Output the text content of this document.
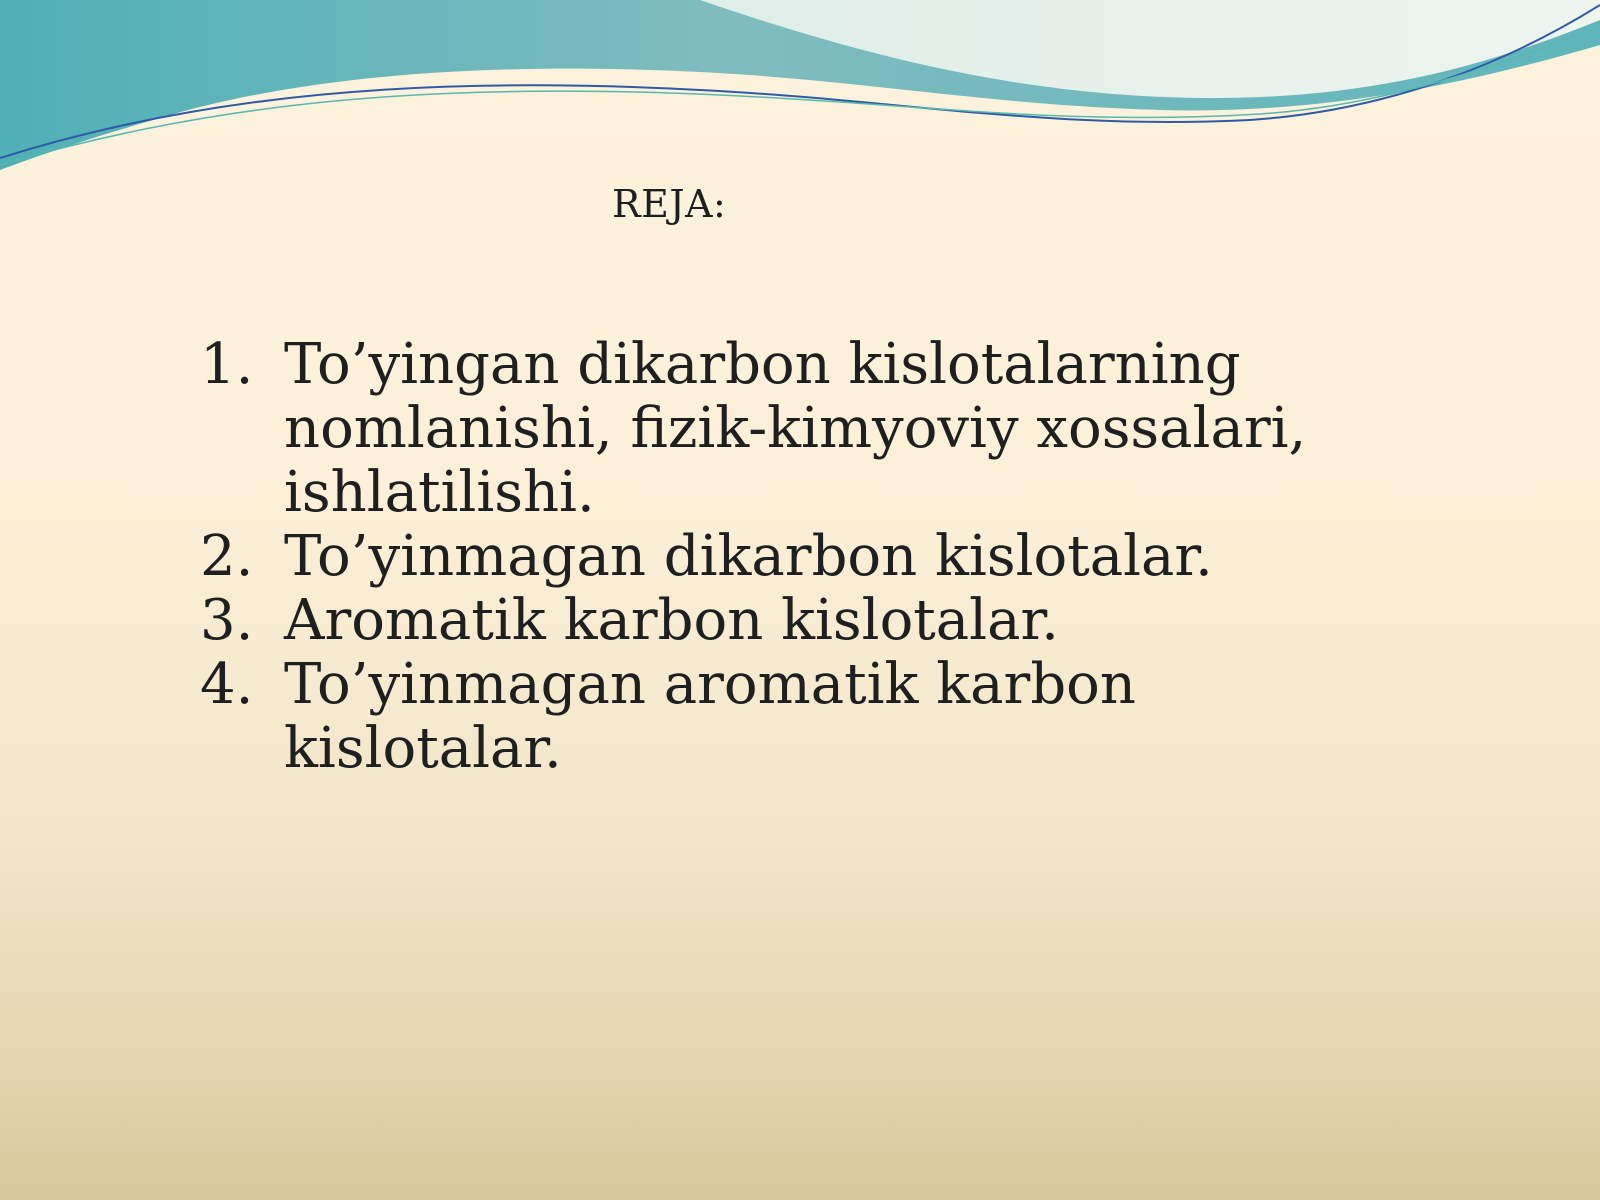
REJA:
1. To’yingan dikarbon kislotalarning nomlanishi, fizik-kimyoviy xossalari, ishlatilishi.
2. To’yinmagan dikarbon kislotalar.
3. Aromatik karbon kislotalar.
4. To’yinmagan aromatik karbon kislotalar.
